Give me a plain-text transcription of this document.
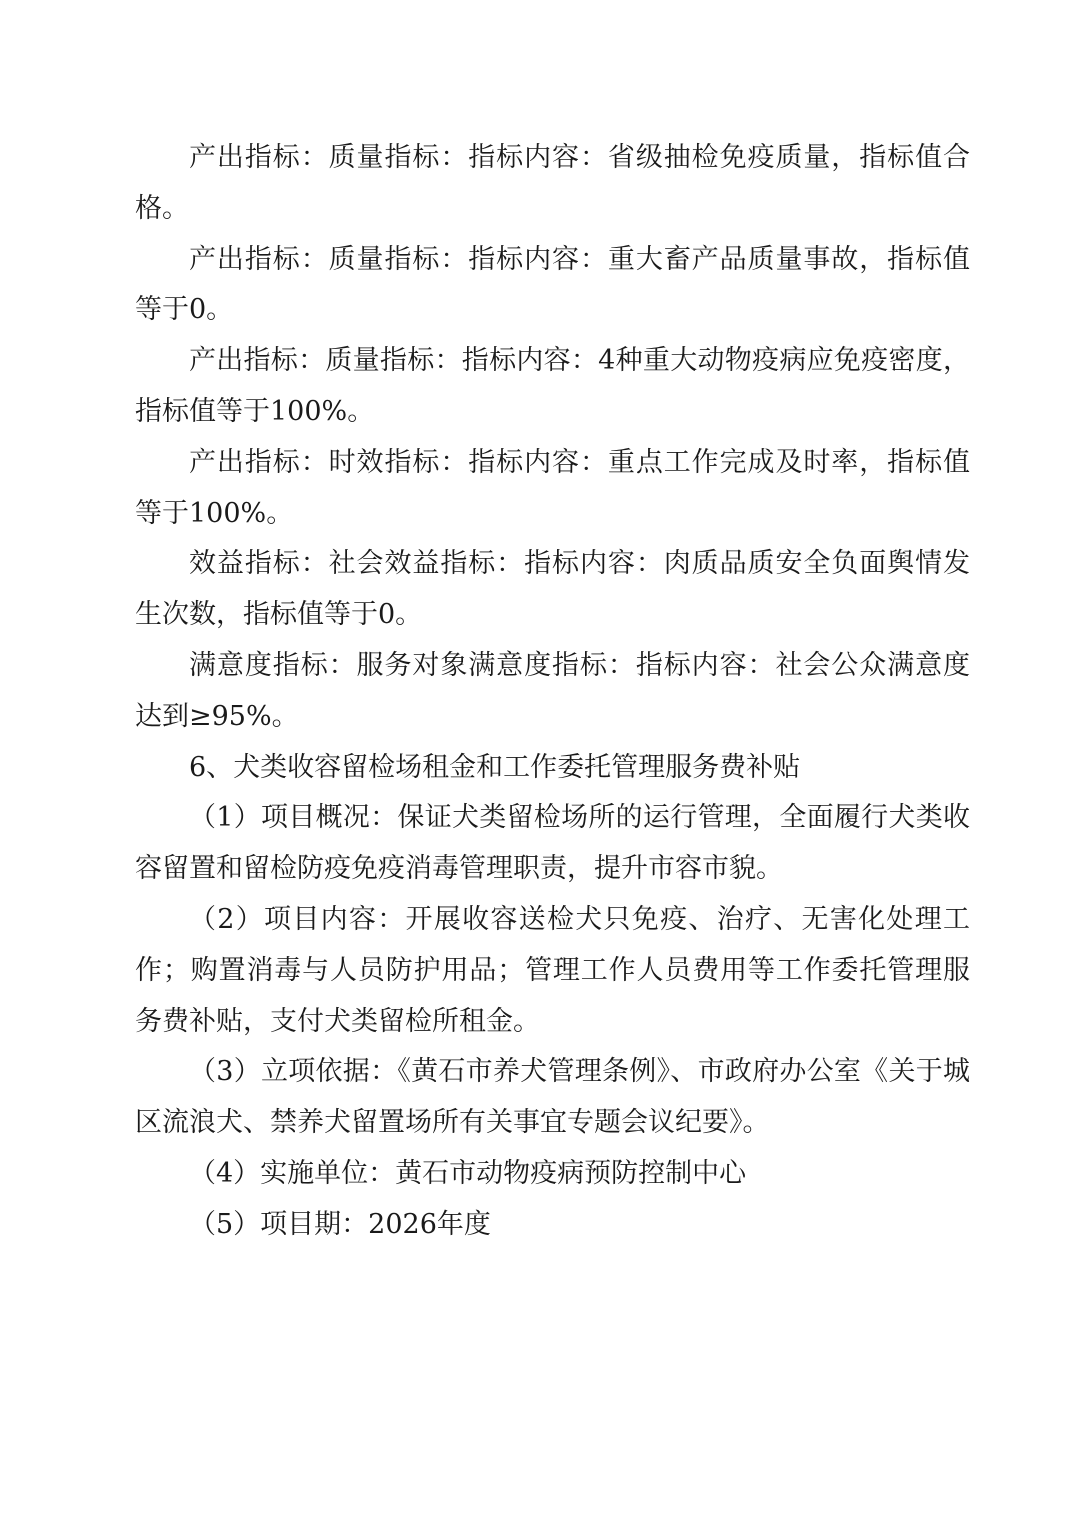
产出指标：质量指标：指标内容：省级抽检免疫质量，指标值合格。

产出指标：质量指标：指标内容：重大畜产品质量事故，指标值等于0。

产出指标：质量指标：指标内容：4种重大动物疫病应免疫密度，指标值等于100%。

产出指标：时效指标：指标内容：重点工作完成及时率，指标值等于100%。

效益指标：社会效益指标：指标内容：肉质品质安全负面舆情发生次数，指标值等于0。

满意度指标：服务对象满意度指标：指标内容：社会公众满意度达到≥95%。

6、犬类收容留检场租金和工作委托管理服务费补贴

（1）项目概况：保证犬类留检场所的运行管理，全面履行犬类收容留置和留检防疫免疫消毒管理职责，提升市容市貌。

（2）项目内容：开展收容送检犬只免疫、治疗、无害化处理工作；购置消毒与人员防护用品；管理工作人员费用等工作委托管理服务费补贴，支付犬类留检所租金。

（3）立项依据：《黄石市养犬管理条例》、市政府办公室《关于城区流浪犬、禁养犬留置场所有关事宜专题会议纪要》。

（4）实施单位：黄石市动物疫病预防控制中心

（5）项目期：2026年度
